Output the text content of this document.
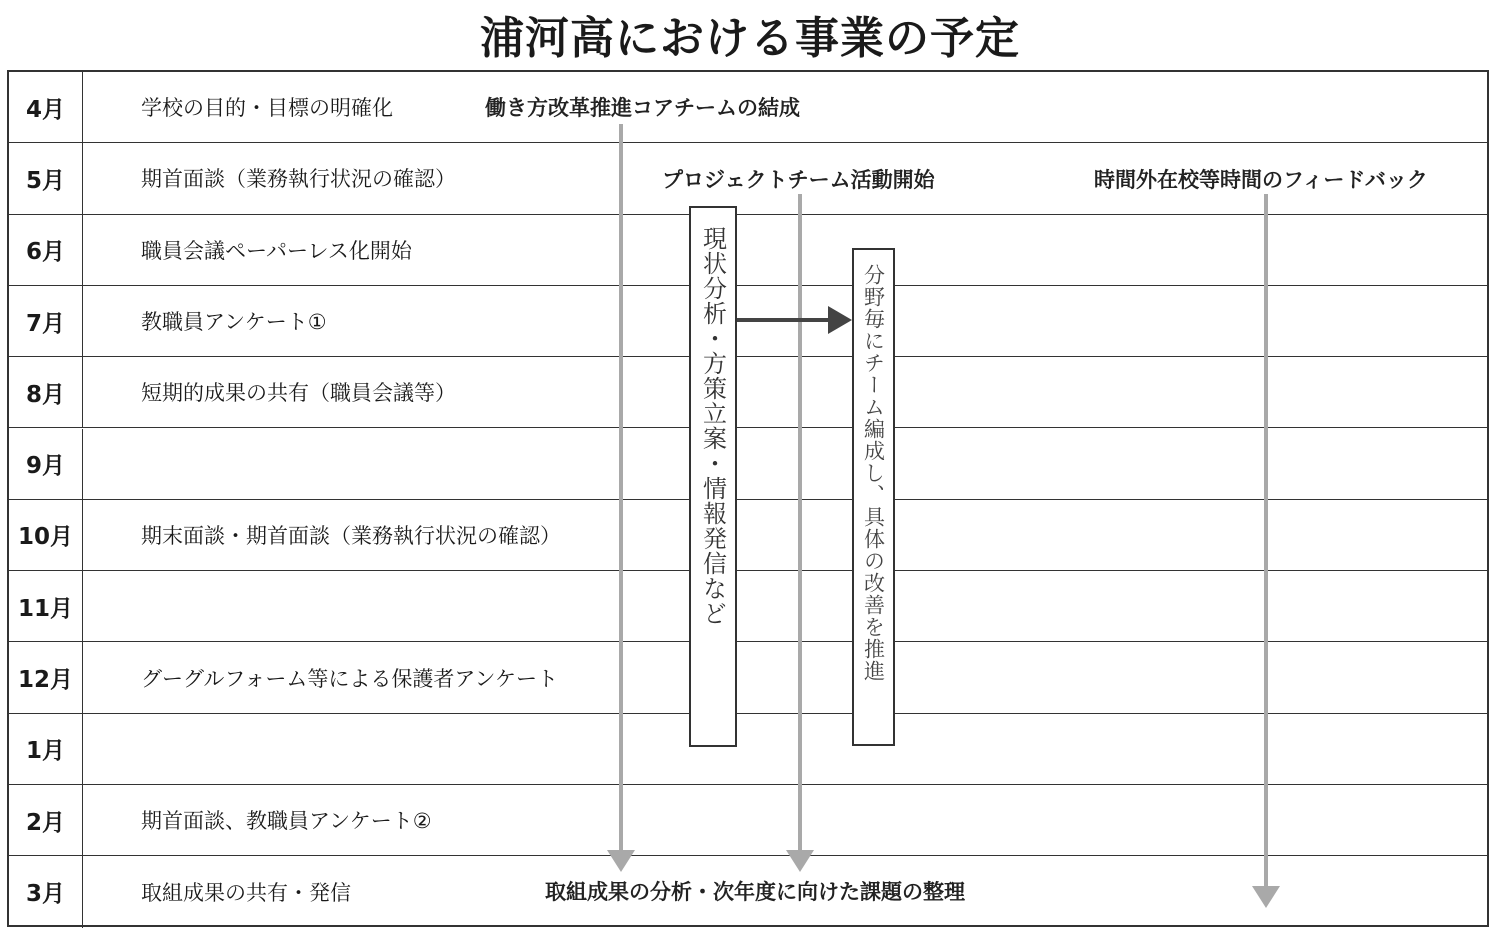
浦河高における事業の予定
4月	学校の目的・目標の明確化
5月	期首面談（業務執行状況の確認）
6月	職員会議ペーパーレス化開始
7月	教職員アンケート①
8月	短期的成果の共有（職員会議等）
9月
10月	期末面談・期首面談（業務執行状況の確認）
11月
12月	グーグルフォーム等による保護者アンケート
1月
2月	期首面談、教職員アンケート②
3月	取組成果の共有・発信
現状分析・方策立案・情報発信など	分野毎にチーム編成し、具体の改善を推進
働き方改革推進コアチームの結成
プロジェクトチーム活動開始	時間外在校等時間のフィードバック
取組成果の分析・次年度に向けた課題の整理
